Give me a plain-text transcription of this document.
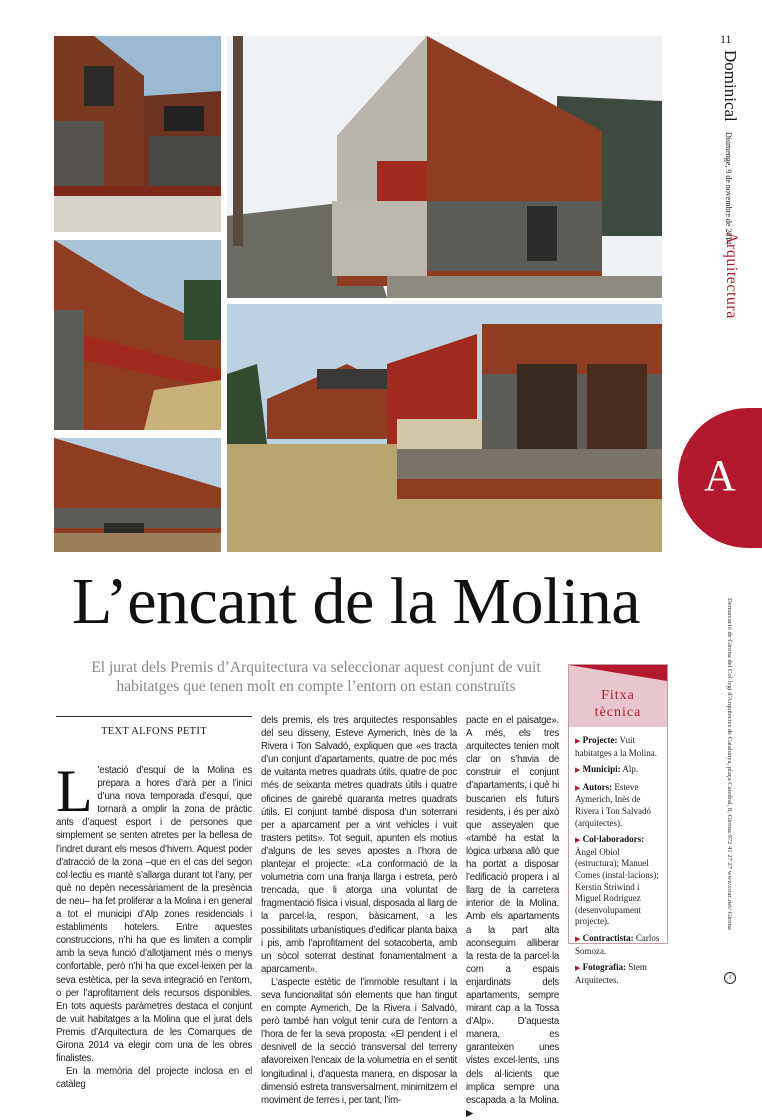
11
Dominical
Diumenge, 9 de novembre de 2014
Arquitectura
A
Demarcació de Girona del Col·legi d'Arquitectes de Catalunya, plaça Catedral, 8, Girona 972 41 27 27 www.coac.net/ Girona
i
L’encant de la Molina
El jurat dels Premis d’Arquitectura va seleccionar aquest conjunt de vuit habitatges que tenen molt en compte l’entorn on estan construïts
TEXT ALFONS PETIT
L ’estació d’esquí de la Molina es prepara a hores d’arà per a l’inici d’una nova temporada d’esquí, que tornarà a omplir la zona de pràctic ants d’aquest esport i de persones que simplement se senten atretes per la bellesa de l’indret durant els mesos d’hivern. Aquest poder d’atracció de la zona –que en el cas del segon col·lectiu es mantè s’allarga durant tot l’any, per què no depèn necessàriament de la presència de neu– ha fet proliferar a la Molina i en general a tot el municipi d’Alp zones residencials i establiments hotelers. Entre aquestes construccions, n’hi ha que es limiten a complir amb la seva funció d’allotjament més o menys confortable, però n’hi ha que excel·leixen per la seva estètica, per la seva integració en l’entorn, o per l’aprofitament dels recursos disponibles. En tots aquests paràmetres destaca el conjunt de vuit habitatges a la Molina que el jurat dels Premis d’Arquitectura de les Comarques de Girona 2014 va elegir com una de les obres finalistes.

En la memòria del projecte inclosa en el catàleg

dels premis, els tres arquitectes responsables del seu disseny, Esteve Aymerich, Inès de la Rivera i Ton Salvadó, expliquen que «es tracta d’un conjunt d’apartaments, quatre de poc més de vuitanta metres quadrats útils, quatre de poc més de seixanta metres quadrats útils i quatre oficines de gairebé quaranta metres quadrats útils. El conjunt també disposa d’un soterrani per a aparcament per a vint vehicles i vuit trasters petits». Tot seguit, apunten els motius d’alguns de les seves apostes a l’hora de plantejar el projecte: «La conformació de la volumetria com una franja llarga i estreta, però trencada, que li atorga una voluntat de fragmentació física i visual, disposada al llarg de la parcel·la, respon, bàsicament, a les possibilitats urbanístiques d’edificar planta baixa i pis, amb l’aprofitament del sotacoberta, amb un sòcol soterrat destinat fonamentalment a aparcament».

L’aspecte estètic de l’immoble resultant i la seva funcionalitat són elements que han tingut en compte Aymerich, De la Rivera i Salvadó, però també han volgut tenir cura de l’entorn a l’hora de fer la seva proposta: «El pendent i el desnivell de la secció transversal del terreny afavoreixen l’encaix de la volumetria en el sentit longitudinal i, d’aquesta manera, en disposar la dimensió estreta transversalment, minimitzem el moviment de terres i, per tant, l’im-

pacte en el paisatge». A més, els tres arquitectes tenien molt clar on s’havia de construir el conjunt d’apartaments, i què hi buscarien els futurs residents, i és per això que asseyalen que «també ha estat la lògica urbana allò que ha portat a disposar l’edificació propera i al llarg de la carretera interior de la Molina. Amb els apartaments a la part alta aconseguim alliberar la resta de la parcel·la com a espais enjardinats dels apartaments, sempre mirant cap a la Tossa d’Alp». D’aquesta manera, es garanteixen unes vistes excel·lents, uns dels al·licients que implica sempre una escapada a la Molina. ▶

Fitxa tècnica
▶ Projecte: Vuit habitatges a la Molina.
▶ Municipi: Alp.
▶ Autors: Esteve Aymerich, Inès de Rivera i Ton Salvadó (arquitectes).
▶ Col·laboradors: Àngel Obiol (estructura); Manuel Comes (instal·lacions); Kerstin Striwind i Miguel Rodríguez (desenvolupament projecte).
▶ Contractista: Carlos Somoza.
▶ Fotografia: Stem Arquitectes.
